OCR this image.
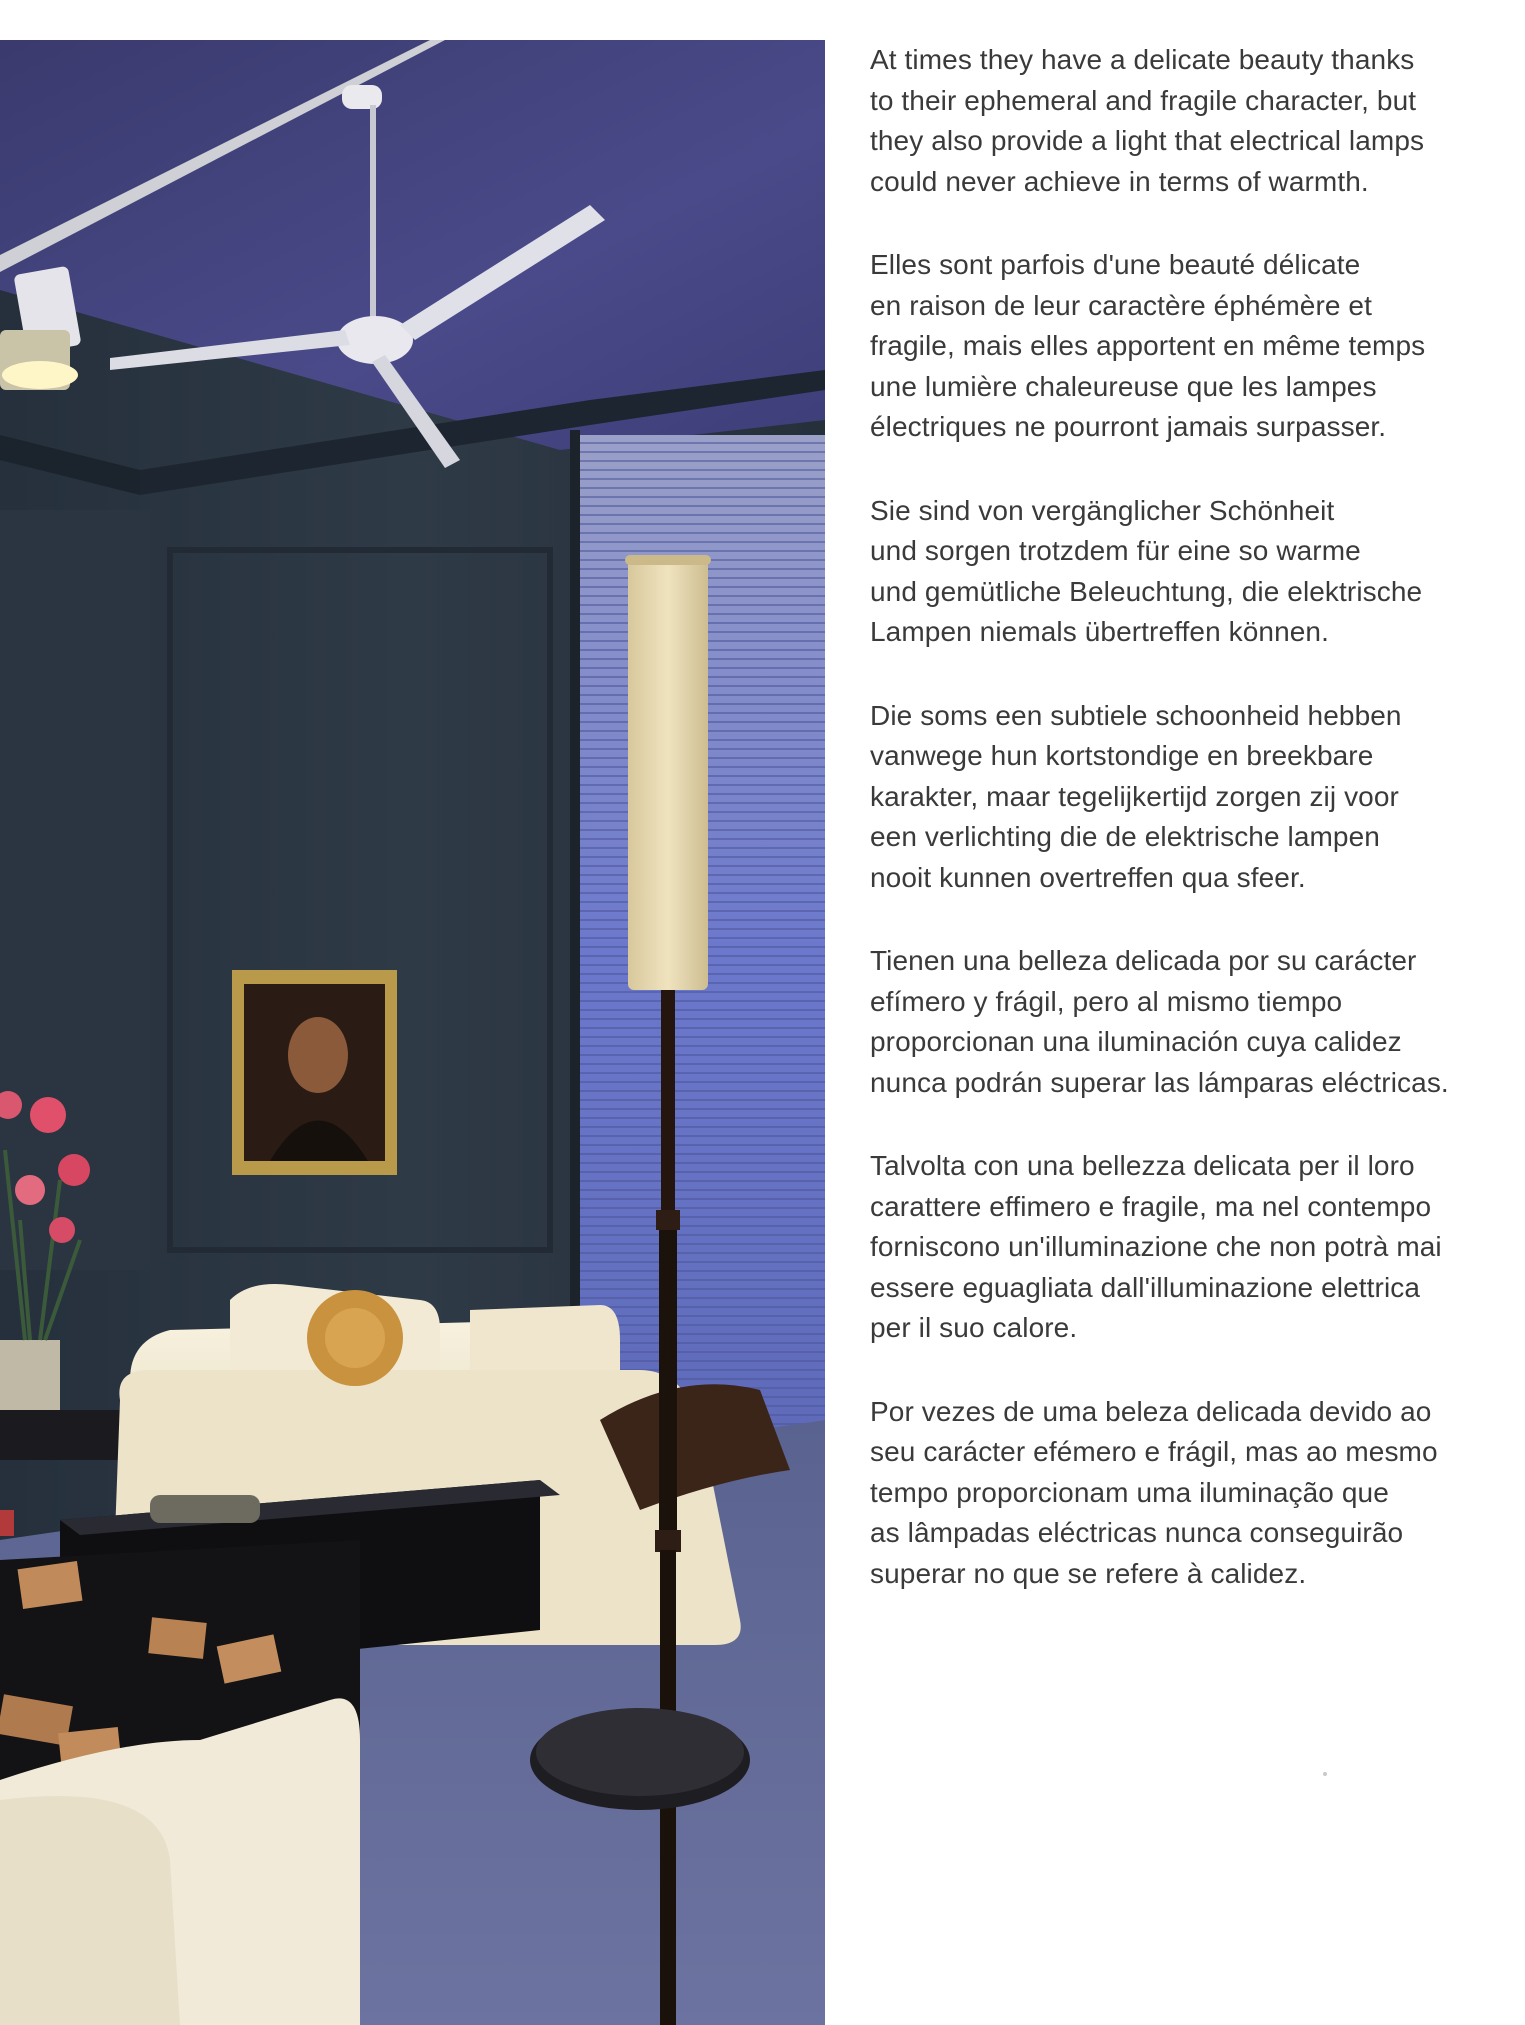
At times they have a delicate beauty thanks
to their ephemeral and fragile character, but
they also provide a light that electrical lamps
could never achieve in terms of warmth.

Elles sont parfois d'une beauté délicate
en raison de leur caractère éphémère et
fragile, mais elles apportent en même temps
une lumière chaleureuse que les lampes
électriques ne pourront jamais surpasser.

Sie sind von vergänglicher Schönheit
und sorgen trotzdem für eine so warme
und gemütliche Beleuchtung, die elektrische
Lampen niemals übertreffen können.

Die soms een subtiele schoonheid hebben
vanwege hun kortstondige en breekbare
karakter, maar tegelijkertijd zorgen zij voor
een verlichting die de elektrische lampen
nooit kunnen overtreffen qua sfeer.

Tienen una belleza delicada por su carácter
efímero y frágil, pero al mismo tiempo
proporcionan una iluminación cuya calidez
nunca podrán superar las lámparas eléctricas.

Talvolta con una bellezza delicata per il loro
carattere effimero e fragile, ma nel contempo
forniscono un'illuminazione che non potrà mai
essere eguagliata dall'illuminazione elettrica
per il suo calore.

Por vezes de uma beleza delicada devido ao
seu carácter efémero e frágil, mas ao mesmo
tempo proporcionam uma iluminação que
as lâmpadas eléctricas nunca conseguirão
superar no que se refere à calidez.
